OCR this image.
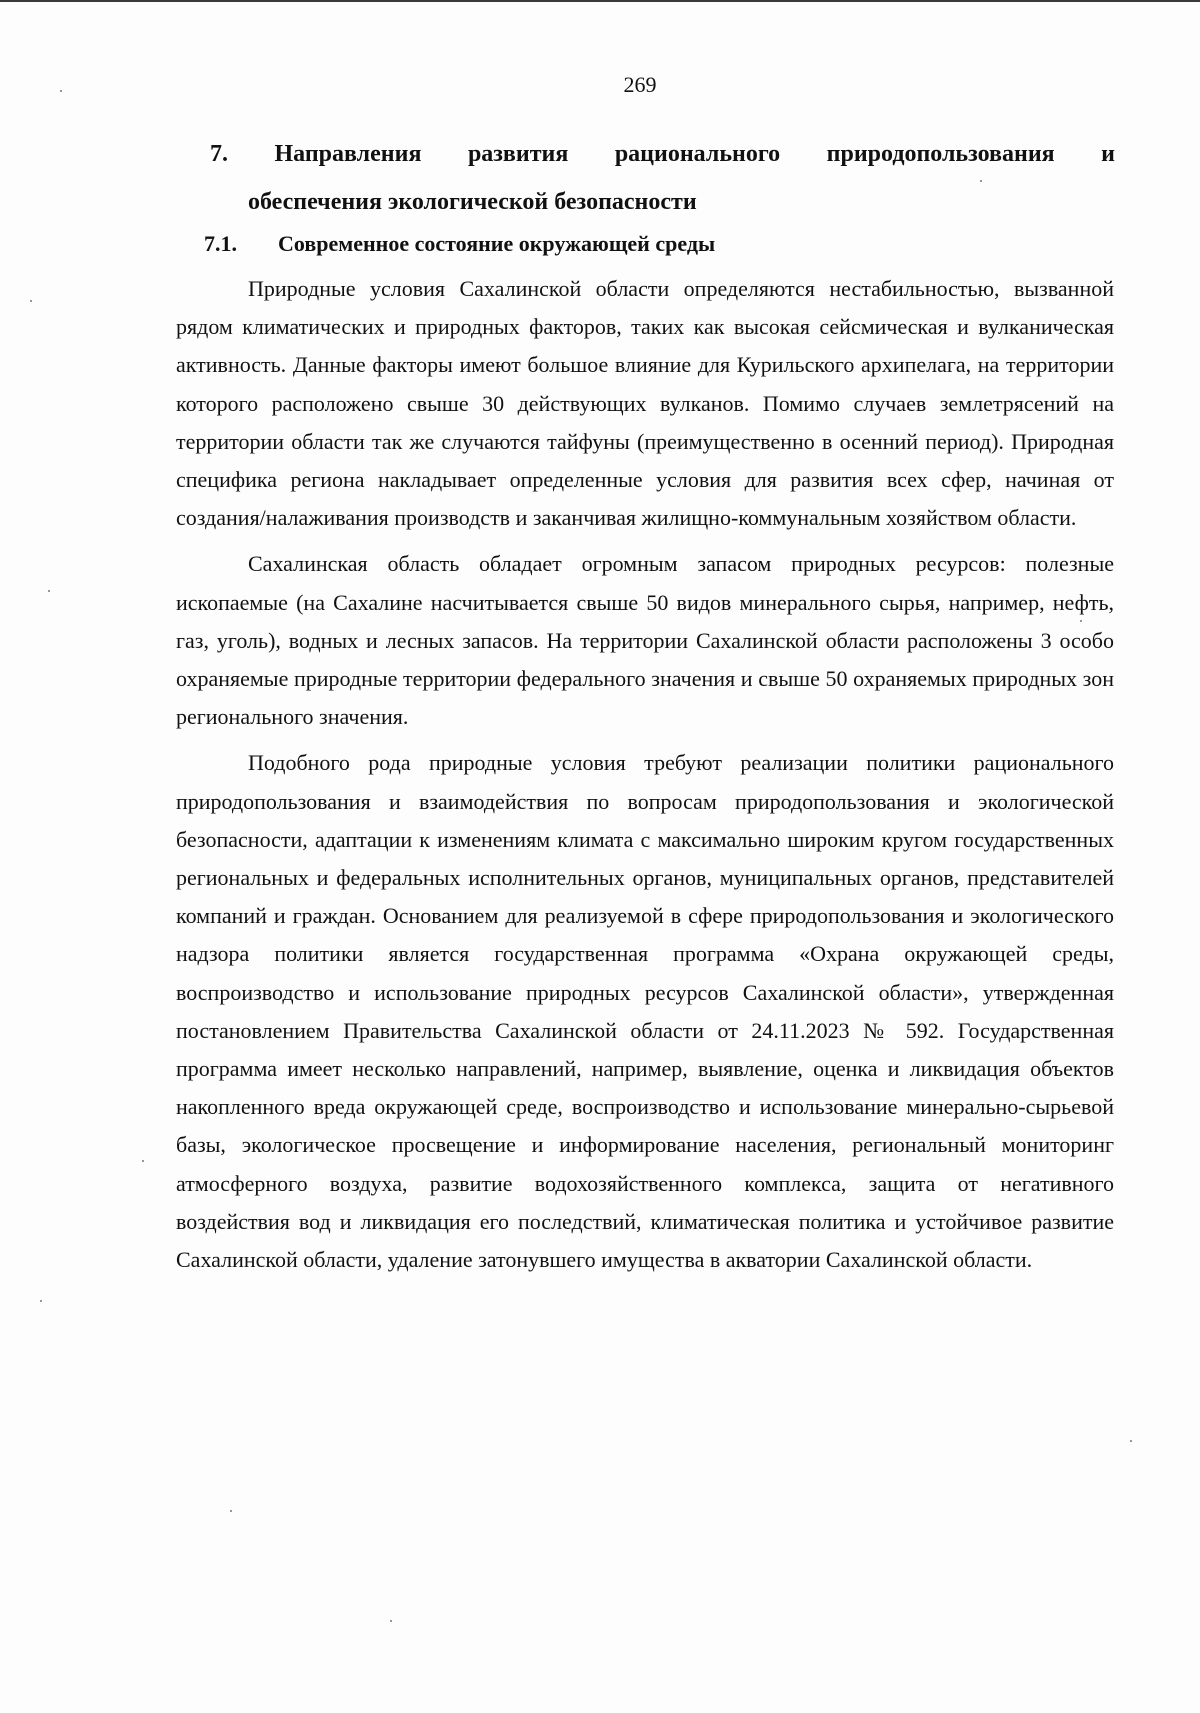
269
7. Направления развития рационального природопользования и
обеспечения экологической безопасности
7.1.	Современное состояние окружающей среды

Природные условия Сахалинской области определяются нестабильностью, вызванной рядом климатических и природных факторов, таких как высокая сейсмическая и вулканическая активность. Данные факторы имеют большое влияние для Курильского архипелага, на территории которого расположено свыше 30 действующих вулканов. Помимо случаев землетрясений на территории области так же случаются тайфуны (преимущественно в осенний период). Природная специфика региона накладывает определенные условия для развития всех сфер, начиная от создания/налаживания производств и заканчивая жилищно-коммунальным хозяйством области.

Сахалинская область обладает огромным запасом природных ресурсов: полезные ископаемые (на Сахалине насчитывается свыше 50 видов минерального сырья, например, нефть, газ, уголь), водных и лесных запасов. На территории Сахалинской области расположены 3 особо охраняемые природные территории федерального значения и свыше 50 охраняемых природных зон регионального значения.

Подобного рода природные условия требуют реализации политики рационального природопользования и взаимодействия по вопросам природопользования и экологической безопасности, адаптации к изменениям климата с максимально широким кругом государственных региональных и федеральных исполнительных органов, муниципальных органов, представителей компаний и граждан. Основанием для реализуемой в сфере природопользования и экологического надзора политики является государственная программа «Охрана окружающей среды, воспроизводство и использование природных ресурсов Сахалинской области», утвержденная постановлением Правительства Сахалинской области от 24.11.2023 № 592. Государственная программа имеет несколько направлений, например, выявление, оценка и ликвидация объектов накопленного вреда окружающей среде, воспроизводство и использование минерально-сырьевой базы, экологическое просвещение и информирование населения, региональный мониторинг атмосферного воздуха, развитие водохозяйственного комплекса, защита от негативного воздействия вод и ликвидация его последствий, климатическая политика и устойчивое развитие Сахалинской области, удаление затонувшего имущества в акватории Сахалинской области.
